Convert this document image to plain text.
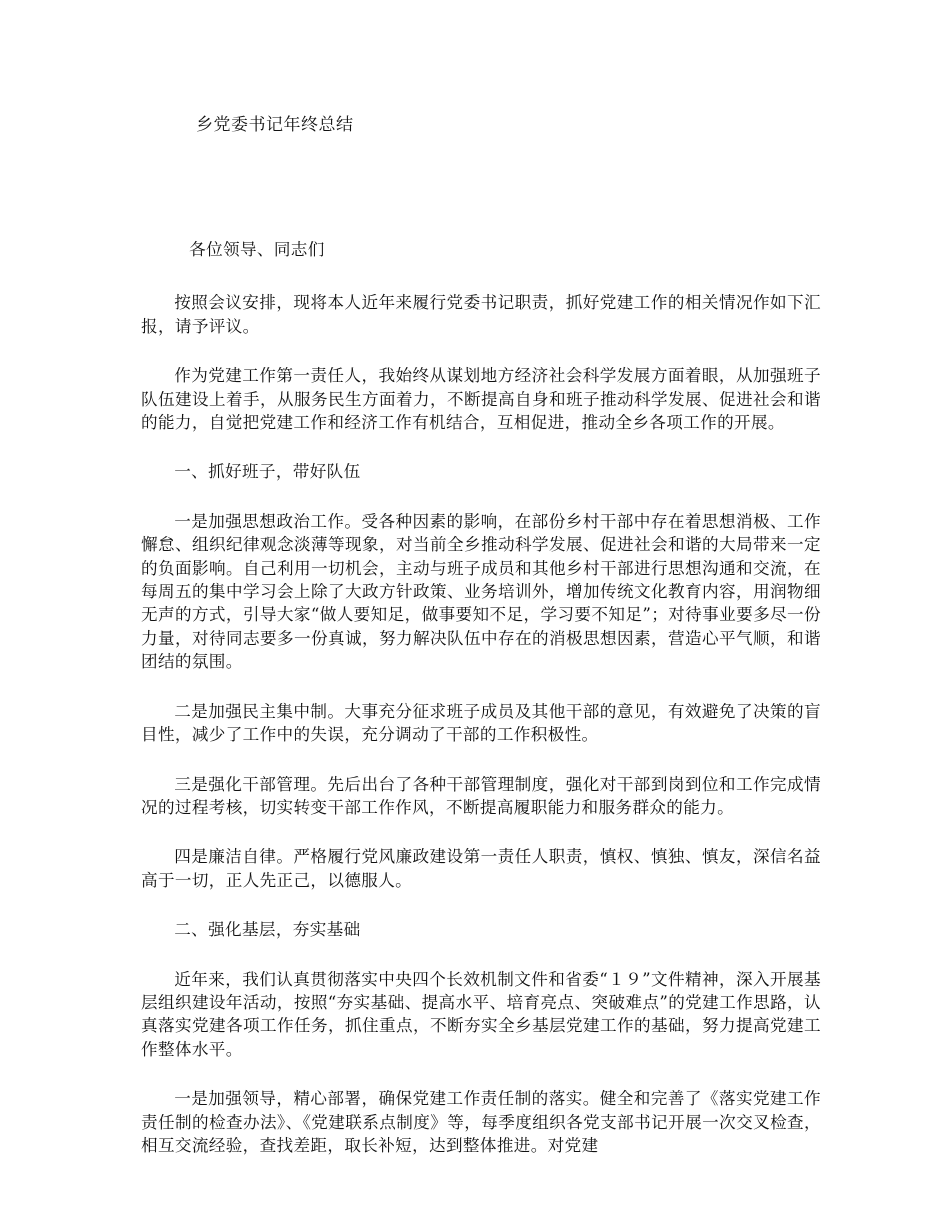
乡党委书记年终总结

各位领导、同志们

按照会议安排，现将本人近年来履行党委书记职责，抓好党建工作的相关情况作如下汇报，请予评议。

作为党建工作第一责任人，我始终从谋划地方经济社会科学发展方面着眼，从加强班子队伍建设上着手，从服务民生方面着力，不断提高自身和班子推动科学发展、促进社会和谐的能力，自觉把党建工作和经济工作有机结合，互相促进，推动全乡各项工作的开展。

一、抓好班子，带好队伍

一是加强思想政治工作。受各种因素的影响，在部份乡村干部中存在着思想消极、工作懈怠、组织纪律观念淡薄等现象，对当前全乡推动科学发展、促进社会和谐的大局带来一定的负面影响。自己利用一切机会，主动与班子成员和其他乡村干部进行思想沟通和交流，在每周五的集中学习会上除了大政方针政策、业务培训外，增加传统文化教育内容，用润物细无声的方式，引导大家“做人要知足，做事要知不足，学习要不知足”；对待事业要多尽一份力量，对待同志要多一份真诚，努力解决队伍中存在的消极思想因素，营造心平气顺，和谐团结的氛围。

二是加强民主集中制。大事充分征求班子成员及其他干部的意见，有效避免了决策的盲目性，减少了工作中的失误，充分调动了干部的工作积极性。

三是强化干部管理。先后出台了各种干部管理制度，强化对干部到岗到位和工作完成情况的过程考核，切实转变干部工作作风，不断提高履职能力和服务群众的能力。

四是廉洁自律。严格履行党风廉政建设第一责任人职责，慎权、慎独、慎友，深信名益高于一切，正人先正己，以德服人。

二、强化基层，夯实基础

近年来，我们认真贯彻落实中央四个长效机制文件和省委“１９”文件精神，深入开展基层组织建设年活动，按照“夯实基础、提高水平、培育亮点、突破难点”的党建工作思路，认真落实党建各项工作任务，抓住重点，不断夯实全乡基层党建工作的基础，努力提高党建工作整体水平。

一是加强领导，精心部署，确保党建工作责任制的落实。健全和完善了《落实党建工作责任制的检查办法》、《党建联系点制度》等，每季度组织各党支部书记开展一次交叉检查，相互交流经验，查找差距，取长补短，达到整体推进。对党建
